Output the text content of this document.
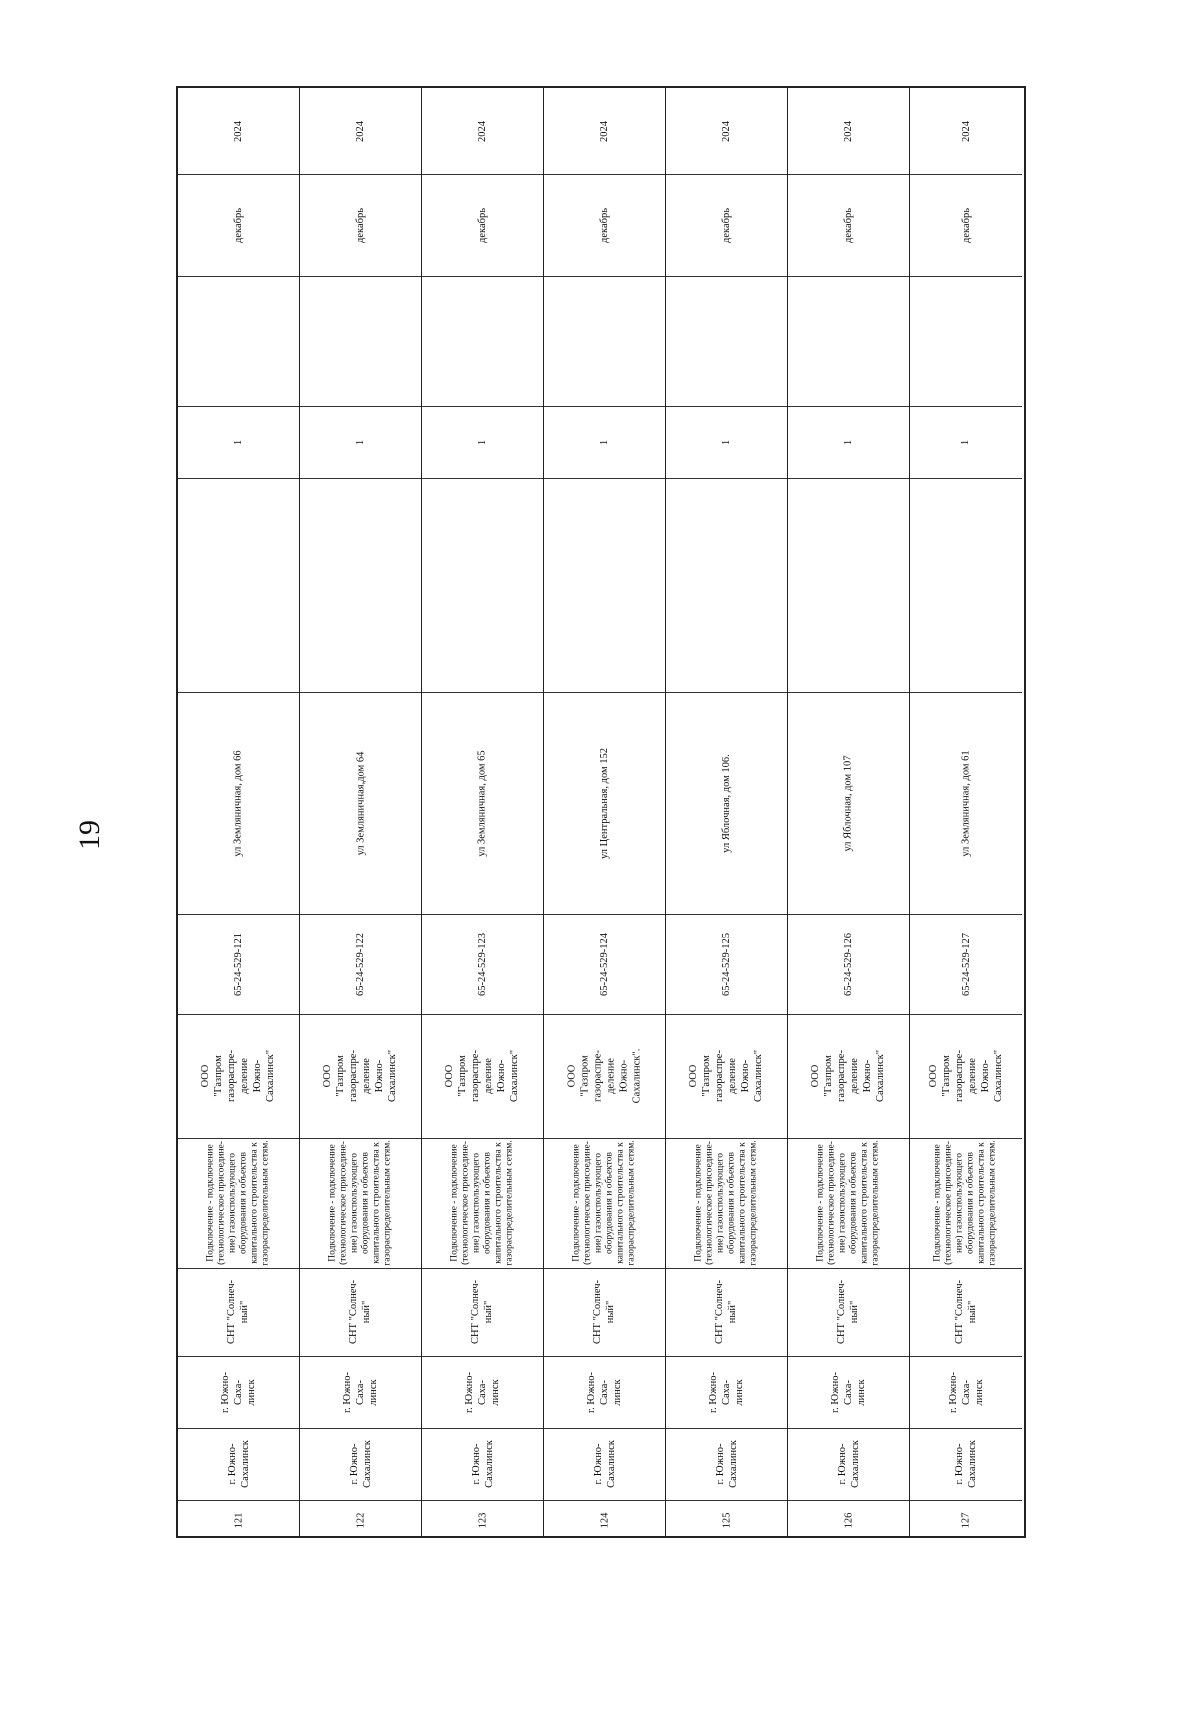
19
2024
декабрь
1
ул Земляничная, дом 66
65-24-529-121
ООО "Газпром газораспре- деление Южно- Сахалинск"
Подключение - подключение
(технологическое присоедине-
ние) газоиспользующего
оборудования и объектов
капитального строительства к
газораспределительным сетям.
СНТ "Солнеч- ный"
г. Южно- Саха- линск
г. Южно- Сахалинск
121
2024
декабрь
1
ул Земляничная,дом 64
65-24-529-122
ООО "Газпром газораспре- деление Южно- Сахалинск"
Подключение - подключение
(технологическое присоедине-
ние) газоиспользующего
оборудования и объектов
капитального строительства к
газораспределительным сетям.
СНТ "Солнеч- ный"
г. Южно- Саха- линск
г. Южно- Сахалинск
122
2024
декабрь
1
ул Земляничная, дом 65
65-24-529-123
ООО "Газпром газораспре- деление Южно- Сахалинск"
Подключение - подключение
(технологическое присоедине-
ние) газоиспользующего
оборудования и объектов
капитального строительства к
газораспределительным сетям.
СНТ "Солнеч- ный"
г. Южно- Саха- линск
г. Южно- Сахалинск
123
2024
декабрь
1
ул Центральная, дом 152
65-24-529-124
ООО "Газпром газораспре- деление Южно- Сахалинск".
Подключение - подключение
(технологическое присоедине-
ние) газоиспользующего
оборудования и объектов
капитального строительства к
газораспределительным сетям.
СНТ "Солнеч- ный"
г. Южно- Саха- линск
г. Южно- Сахалинск
124
2024
декабрь
1
ул Яблочная, дом 106.
65-24-529-125
ООО "Газпром газораспре- деление Южно- Сахалинск"
Подключение - подключение
(технологическое присоедине-
ние) газоиспользующего
оборудования и объектов
капитального строительства к
газораспределительным сетям.
СНТ "Солнеч- ный"
г. Южно- Саха- линск
г. Южно- Сахалинск
125
2024
декабрь
1
ул Яблочная, дом 107
65-24-529-126
ООО "Газпром газораспре- деление Южно- Сахалинск"
Подключение - подключение
(технологическое присоедине-
ние) газоиспользующего
оборудования и объектов
капитального строительства к
газораспределительным сетям.
СНТ "Солнеч- ный"
г. Южно- Саха- линск
г. Южно- Сахалинск
126
2024
декабрь
1
ул Земляничная, дом 61
65-24-529-127
ООО "Газпром газораспре- деление Южно- Сахалинск"
Подключение - подключение
(технологическое присоедине-
ние) газоиспользующего
оборудования и объектов
капитального строительства к
газораспределительным сетям.
СНТ "Солнеч- ный"
г. Южно- Саха- линск
г. Южно- Сахалинск
127
